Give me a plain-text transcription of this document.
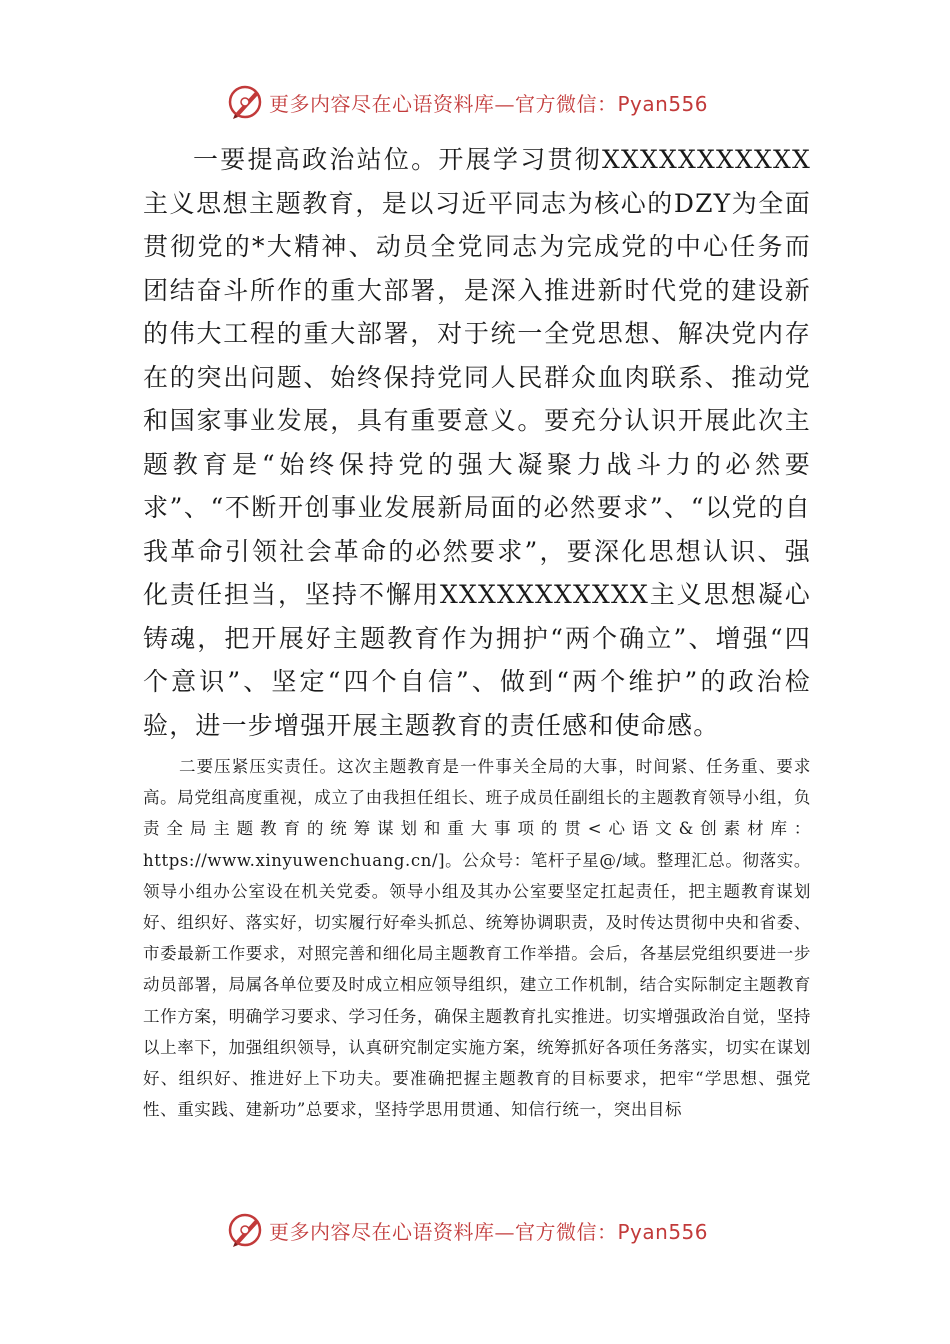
更多内容尽在心语资料库—官方微信：Pyan556

一要提高政治站位。开展学习贯彻XXXXXXXXXXX主义思想主题教育，是以习近平同志为核心的DZY为全面贯彻党的*大精神、动员全党同志为完成党的中心任务而团结奋斗所作的重大部署，是深入推进新时代党的建设新的伟大工程的重大部署，对于统一全党思想、解决党内存在的突出问题、始终保持党同人民群众血肉联系、推动党和国家事业发展，具有重要意义。要充分认识开展此次主题教育是“始终保持党的强大凝聚力战斗力的必然要求”、“不断开创事业发展新局面的必然要求”、“以党的自我革命引领社会革命的必然要求”，要深化思想认识、强化责任担当，坚持不懈用XXXXXXXXXXX主义思想凝心铸魂，把开展好主题教育作为拥护“两个确立”、增强“四个意识”、坚定“四个自信”、做到“两个维护”的政治检验，进一步增强开展主题教育的责任感和使命感。

二要压紧压实责任。这次主题教育是一件事关全局的大事，时间紧、任务重、要求高。局党组高度重视，成立了由我担任组长、班子成员任副组长的主题教育领导小组，负责全局主题教育的统筹谋划和重大事项的贯<心语文&创素材库：https://www.xinyuwenchuang.cn/]。公众号：笔杆子星@/域。整理汇总。彻落实。领导小组办公室设在机关党委。领导小组及其办公室要坚定扛起责任，把主题教育谋划好、组织好、落实好，切实履行好牵头抓总、统筹协调职责，及时传达贯彻中央和省委、市委最新工作要求，对照完善和细化局主题教育工作举措。会后，各基层党组织要进一步动员部署，局属各单位要及时成立相应领导组织，建立工作机制，结合实际制定主题教育工作方案，明确学习要求、学习任务，确保主题教育扎实推进。切实增强政治自觉，坚持以上率下，加强组织领导，认真研究制定实施方案，统筹抓好各项任务落实，切实在谋划好、组织好、推进好上下功夫。要准确把握主题教育的目标要求，把牢“学思想、强党性、重实践、建新功”总要求，坚持学思用贯通、知信行统一，突出目标

更多内容尽在心语资料库—官方微信：Pyan556
